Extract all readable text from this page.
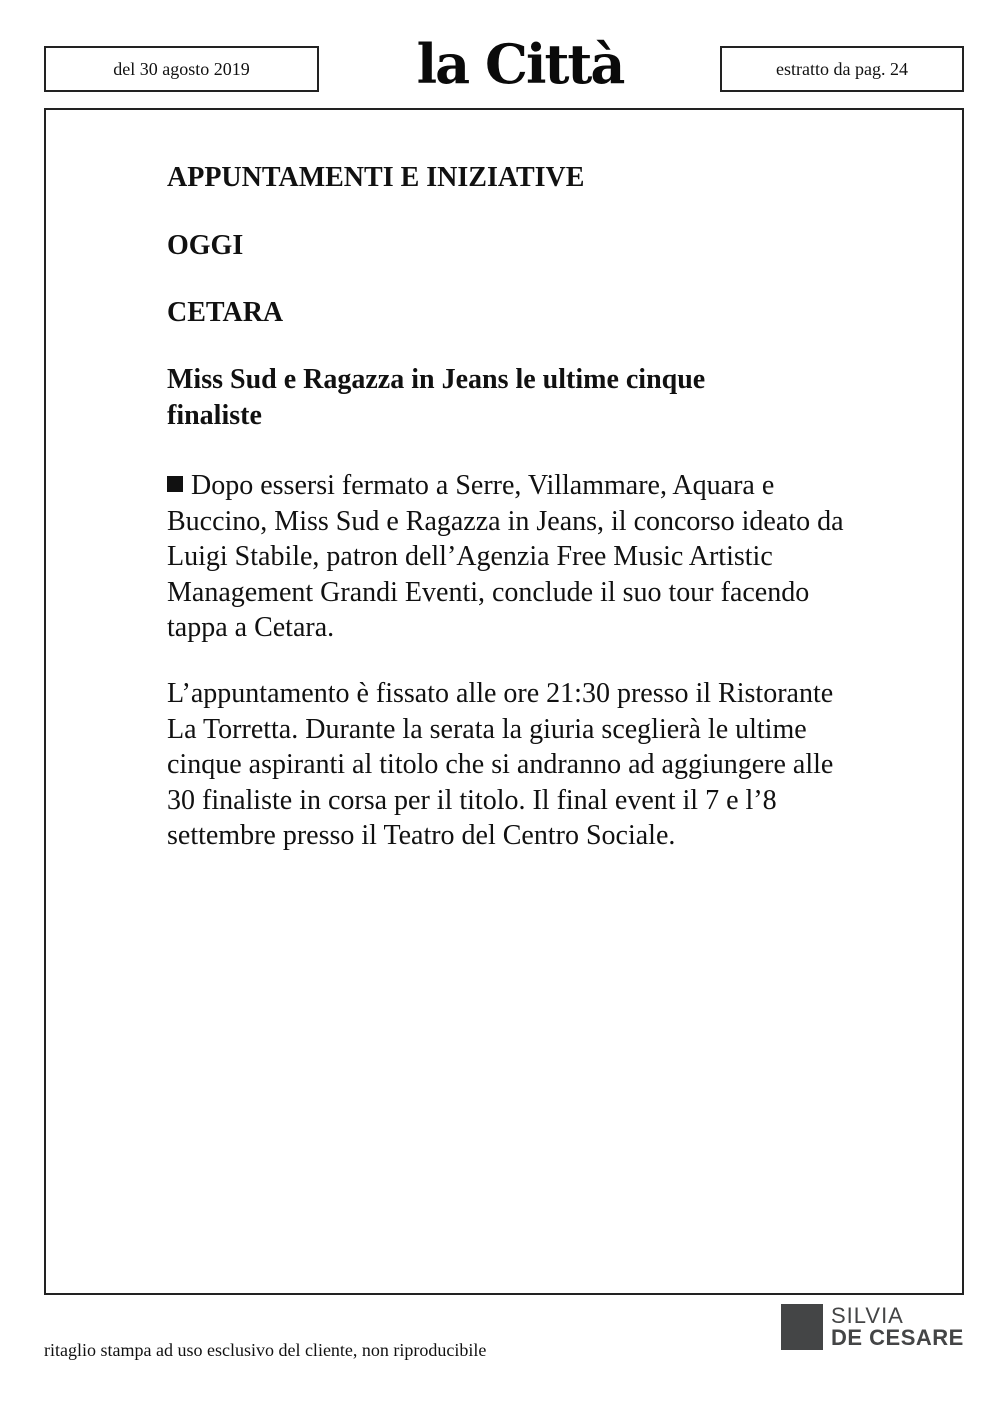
del 30 agosto 2019	la Città	estratto da pag. 24
APPUNTAMENTI E INIZIATIVE
OGGI
CETARA
Miss Sud e Ragazza in Jeans le ultime cinque finaliste

Dopo essersi fermato a Serre, Villammare, Aquara e Buccino, Miss Sud e Ragazza in Jeans, il concorso ideato da Luigi Stabile, patron dell’Agenzia Free Music Artistic Management Grandi Eventi, conclude il suo tour facendo tappa a Cetara.

L’appuntamento è fissato alle ore 21:30 presso il Ristorante La Torretta. Durante la serata la giuria sceglierà le ultime cinque aspiranti al titolo che si andranno ad aggiungere alle 30 finaliste in corsa per il titolo. Il final event il 7 e l’8 settembre presso il Teatro del Centro Sociale.

ritaglio stampa ad uso esclusivo del cliente, non riproducibile
SILVIA
DE CESARE
